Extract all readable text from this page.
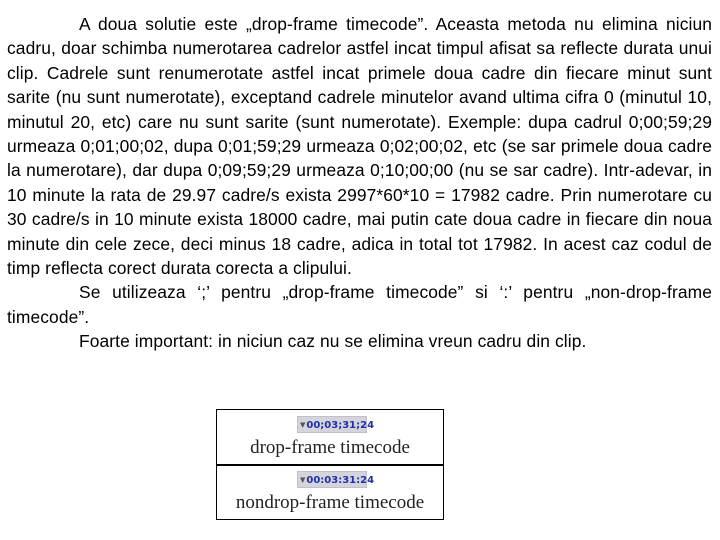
A doua solutie este „drop-frame timecode”. Aceasta metoda nu elimina niciun cadru, doar schimba numerotarea cadrelor astfel incat timpul afisat sa reflecte durata unui clip. Cadrele sunt renumerotate astfel incat primele doua cadre din fiecare minut sunt sarite (nu sunt numerotate), exceptand cadrele minutelor avand ultima cifra 0 (minutul 10, minutul 20, etc) care nu sunt sarite (sunt numerotate). Exemple: dupa cadrul 0;00;59;29 urmeaza 0;01;00;02, dupa 0;01;59;29 urmeaza 0;02;00;02, etc (se sar primele doua cadre la numerotare), dar dupa 0;09;59;29 urmeaza 0;10;00;00 (nu se sar cadre). Intr-adevar, in 10 minute la rata de 29.97 cadre/s exista 2997*60*10 = 17982 cadre. Prin numerotare cu 30 cadre/s in 10 minute exista 18000 cadre, mai putin cate doua cadre in fiecare din noua minute din cele zece, deci minus 18 cadre, adica in total tot 17982. In acest caz codul de timp reflecta corect durata corecta a clipului.

Se utilizeaza ‘;’ pentru „drop-frame timecode” si ‘:’ pentru „non-drop-frame timecode”.

Foarte important: in niciun caz nu se elimina vreun cadru din clip.

▼00;03;31;24
drop-frame timecode
▼00:03:31:24
nondrop-frame timecode
